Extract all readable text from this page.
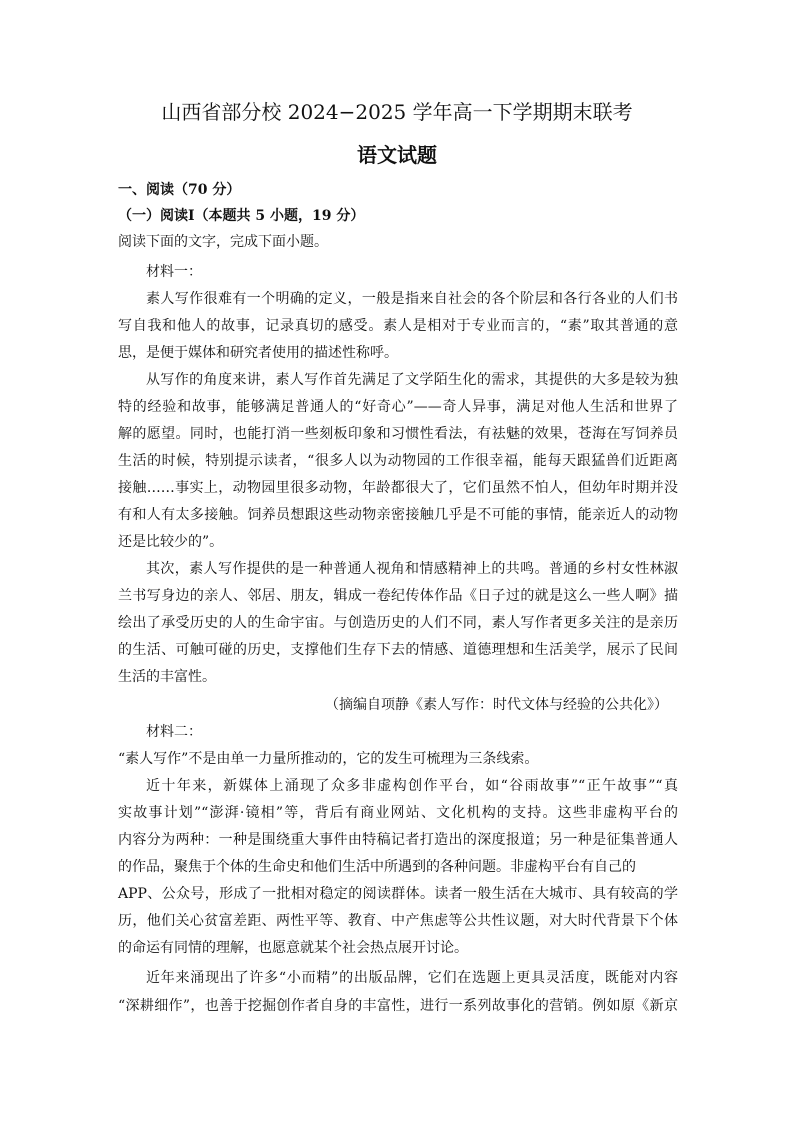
山西省部分校 2024−2025 学年高一下学期期末联考
语文试题
一、阅读（70 分）
（一）阅读Ⅰ（本题共 5 小题，19 分）
阅读下面的文字，完成下面小题。
材料一：
素人写作很难有一个明确的定义，一般是指来自社会的各个阶层和各行各业的人们书
写自我和他人的故事，记录真切的感受。素人是相对于专业而言的，“素”取其普通的意
思，是便于媒体和研究者使用的描述性称呼。
从写作的角度来讲，素人写作首先满足了文学陌生化的需求，其提供的大多是较为独
特的经验和故事，能够满足普通人的“好奇心”——奇人异事，满足对他人生活和世界了
解的愿望。同时，也能打消一些刻板印象和习惯性看法，有祛魅的效果，苍海在写饲养员
生活的时候，特别提示读者，“很多人以为动物园的工作很幸福，能每天跟猛兽们近距离
接触……事实上，动物园里很多动物，年龄都很大了，它们虽然不怕人，但幼年时期并没
有和人有太多接触。饲养员想跟这些动物亲密接触几乎是不可能的事情，能亲近人的动物
还是比较少的”。
其次，素人写作提供的是一种普通人视角和情感精神上的共鸣。普通的乡村女性林淑
兰书写身边的亲人、邻居、朋友，辑成一卷纪传体作品《日子过的就是这么一些人啊》描
绘出了承受历史的人的生命宇宙。与创造历史的人们不同，素人写作者更多关注的是亲历
的生活、可触可碰的历史，支撑他们生存下去的情感、道德理想和生活美学，展示了民间
生活的丰富性。
（摘编自项静《素人写作：时代文体与经验的公共化》）
材料二：
“素人写作”不是由单一力量所推动的，它的发生可梳理为三条线索。
近十年来，新媒体上涌现了众多非虚构创作平台，如“谷雨故事”“正午故事”“真
实故事计划”“澎湃·镜相”等，背后有商业网站、文化机构的支持。这些非虚构平台的
内容分为两种：一种是围绕重大事件由特稿记者打造出的深度报道；另一种是征集普通人
的作品，聚焦于个体的生命史和他们生活中所遇到的各种问题。非虚构平台有自己的
APP、公众号，形成了一批相对稳定的阅读群体。读者一般生活在大城市、具有较高的学
历，他们关心贫富差距、两性平等、教育、中产焦虑等公共性议题，对大时代背景下个体
的命运有同情的理解，也愿意就某个社会热点展开讨论。
近年来涌现出了许多“小而精”的出版品牌，它们在选题上更具灵活度，既能对内容
“深耕细作”，也善于挖掘创作者自身的丰富性，进行一系列故事化的营销。例如原《新京
